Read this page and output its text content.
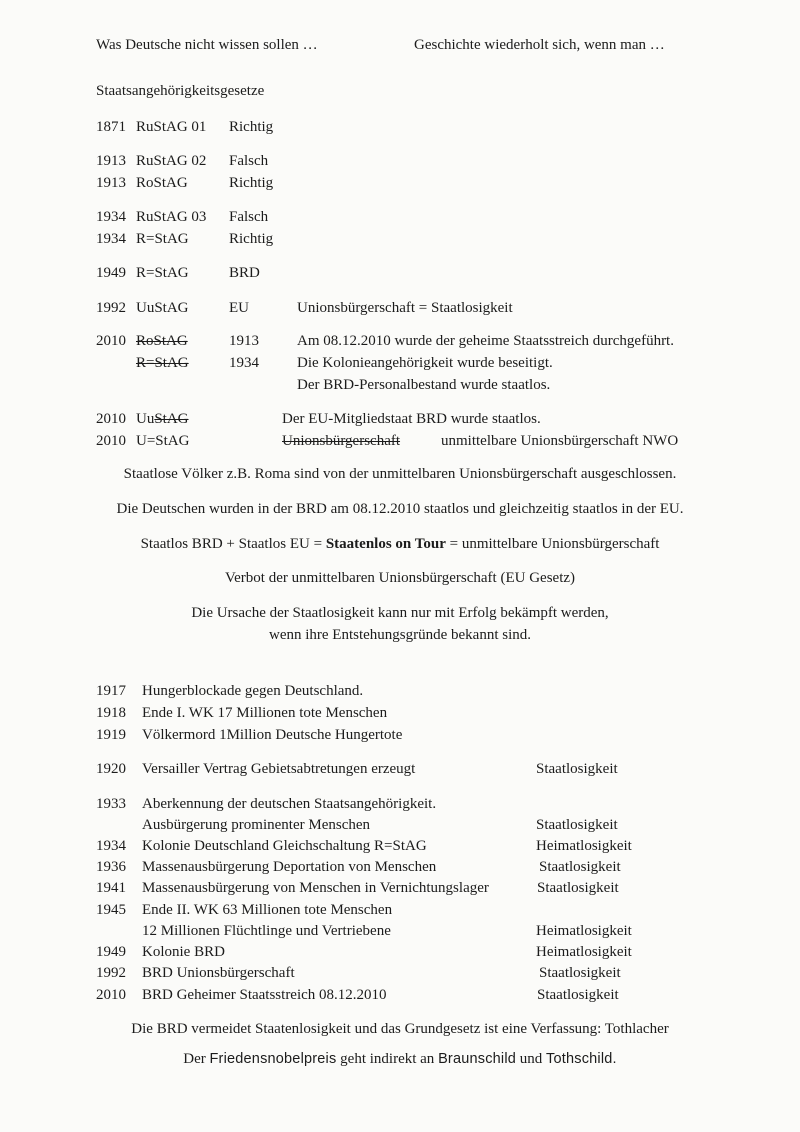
Was Deutsche nicht wissen sollen …	Geschichte wiederholt sich, wenn man …
Staatsangehörigkeitsgesetze
1871 RuStAG 01 Richtig
1913 RuStAG 02 Falsch
1913 RoStAG	Richtig
1934 RuStAG 03 Falsch
1934 R=StAG	Richtig
1949 R=StAG	BRD
1992 UuStAG	EU	Unionsbürgerschaft = Staatlosigkeit
2010 RoStAG	1913	Am 08.12.2010 wurde der geheime Staatsstreich durchgeführt.
R=StAG	1934	Die Kolonieangehörigkeit wurde beseitigt.
Der BRD-Personalbestand wurde staatlos.
2010 UuStAG	Der EU-Mitgliedstaat BRD wurde staatlos.
2010 U=StAG	Unionsbürgerschaft	unmittelbare Unionsbürgerschaft NWO
Staatlose Völker z.B. Roma sind von der unmittelbaren Unionsbürgerschaft ausgeschlossen.
Die Deutschen wurden in der BRD am 08.12.2010 staatlos und gleichzeitig staatlos in der EU.
Staatlos BRD + Staatlos EU = Staatenlos on Tour = unmittelbare Unionsbürgerschaft
Verbot der unmittelbaren Unionsbürgerschaft (EU Gesetz)
Die Ursache der Staatlosigkeit kann nur mit Erfolg bekämpft werden,
wenn ihre Entstehungsgründe bekannt sind.
1917 Hungerblockade gegen Deutschland.
1918 Ende I. WK 17 Millionen tote Menschen
1919 Völkermord 1Million Deutsche Hungertote
1920 Versailler Vertrag Gebietsabtretungen erzeugt	Staatlosigkeit
1933 Aberkennung der deutschen Staatsangehörigkeit.
Ausbürgerung prominenter Menschen	Staatlosigkeit
1934 Kolonie Deutschland Gleichschaltung R=StAG	Heimatlosigkeit
1936 Massenausbürgerung Deportation von Menschen	Staatlosigkeit
1941 Massenausbürgerung von Menschen in Vernichtungslager	Staatlosigkeit
1945 Ende II. WK 63 Millionen tote Menschen
12 Millionen Flüchtlinge und Vertriebene	Heimatlosigkeit
1949 Kolonie BRD	Heimatlosigkeit
1992 BRD Unionsbürgerschaft	Staatlosigkeit
2010 BRD Geheimer Staatsstreich 08.12.2010	Staatlosigkeit
Die BRD vermeidet Staatenlosigkeit und das Grundgesetz ist eine Verfassung: Tothlacher
Der Friedensnobelpreis geht indirekt an Braunschild und Tothschild.
